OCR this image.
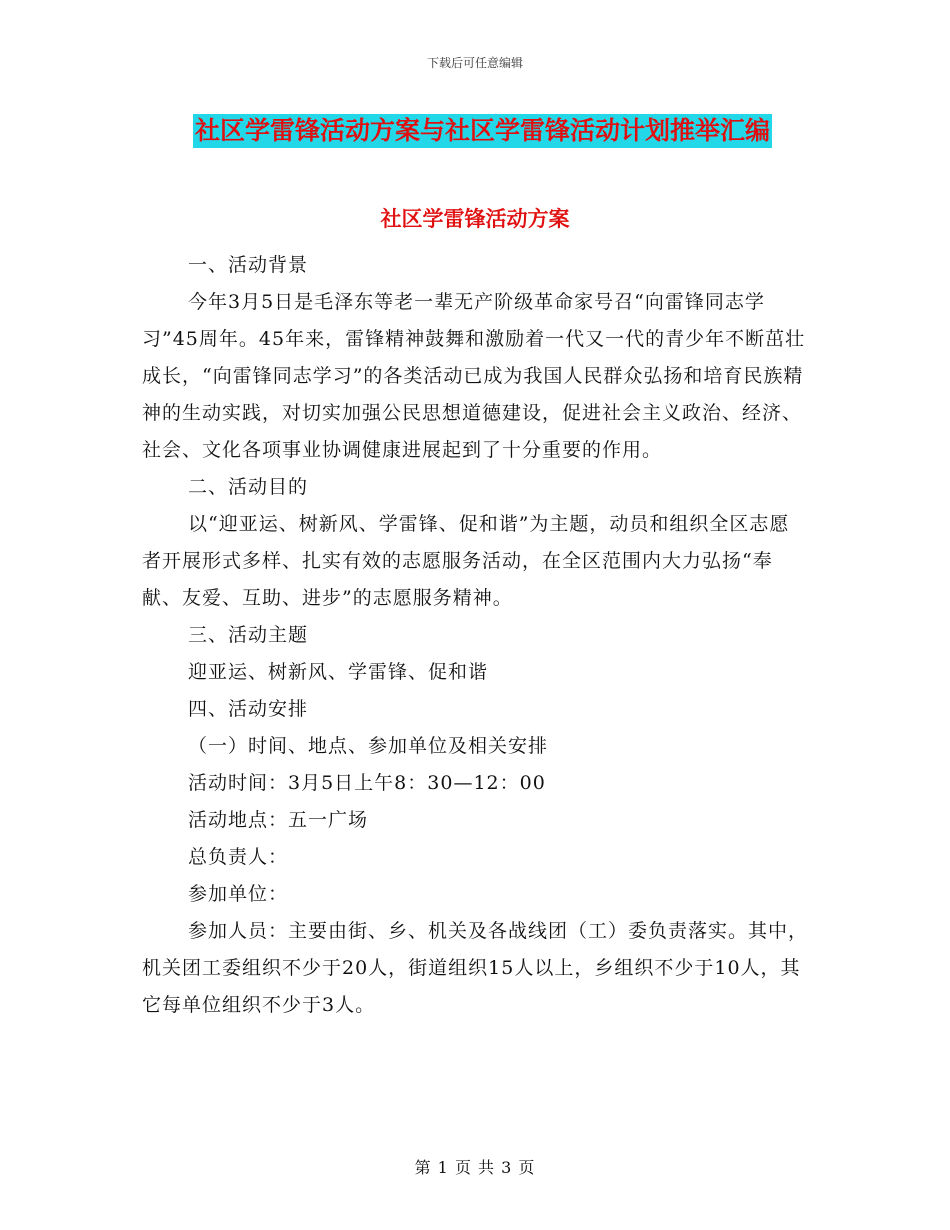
下载后可任意编辑
社区学雷锋活动方案与社区学雷锋活动计划推举汇编
社区学雷锋活动方案

一、活动背景

今年3月5日是毛泽东等老一辈无产阶级革命家号召“向雷锋同志学习”45周年。45年来，雷锋精神鼓舞和激励着一代又一代的青少年不断茁壮成长，“向雷锋同志学习”的各类活动已成为我国人民群众弘扬和培育民族精神的生动实践，对切实加强公民思想道德建设，促进社会主义政治、经济、社会、文化各项事业协调健康进展起到了十分重要的作用。

二、活动目的

以“迎亚运、树新风、学雷锋、促和谐”为主题，动员和组织全区志愿者开展形式多样、扎实有效的志愿服务活动，在全区范围内大力弘扬“奉献、友爱、互助、进步”的志愿服务精神。

三、活动主题

迎亚运、树新风、学雷锋、促和谐

四、活动安排

（一）时间、地点、参加单位及相关安排

活动时间：3月5日上午8：30—12：00

活动地点：五一广场

总负责人：

参加单位：

参加人员：主要由街、乡、机关及各战线团（工）委负责落实。其中，机关团工委组织不少于20人，街道组织15人以上，乡组织不少于10人，其它每单位组织不少于3人。

第 1 页 共 3 页
